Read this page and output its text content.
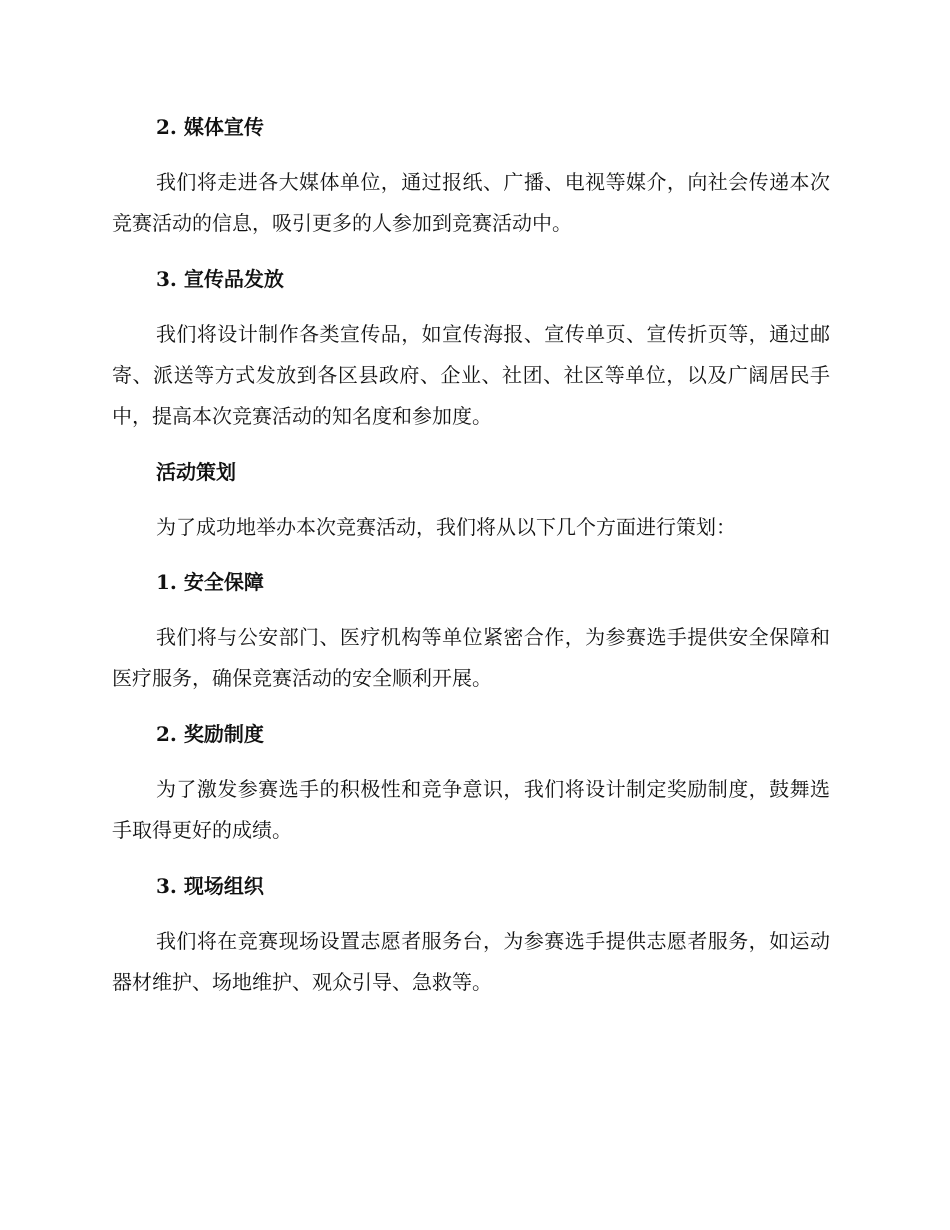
2. 媒体宣传
我们将走进各大媒体单位，通过报纸、广播、电视等媒介，向社会传递本次竞赛活动的信息，吸引更多的人参加到竞赛活动中。
3. 宣传品发放
我们将设计制作各类宣传品，如宣传海报、宣传单页、宣传折页等，通过邮寄、派送等方式发放到各区县政府、企业、社团、社区等单位，以及广阔居民手中，提高本次竞赛活动的知名度和参加度。
活动策划
为了成功地举办本次竞赛活动，我们将从以下几个方面进行策划：
1. 安全保障
我们将与公安部门、医疗机构等单位紧密合作，为参赛选手提供安全保障和医疗服务，确保竞赛活动的安全顺利开展。
2. 奖励制度
为了激发参赛选手的积极性和竞争意识，我们将设计制定奖励制度，鼓舞选手取得更好的成绩。
3. 现场组织
我们将在竞赛现场设置志愿者服务台，为参赛选手提供志愿者服务，如运动器材维护、场地维护、观众引导、急救等。
